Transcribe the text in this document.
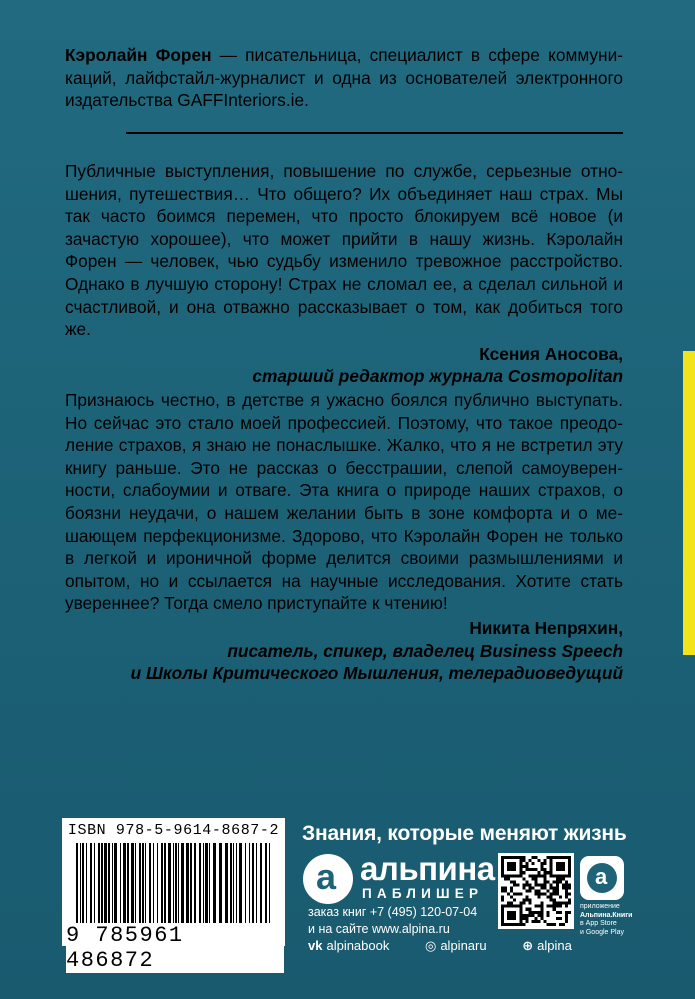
Кэролайн Форен — писательница, специалист в сфере коммуникаций, лайфстайл-журналист и одна из основателей электронного издательства GAFFInteriors.ie.
Публичные выступления, повышение по службе, серьезные отношения, путешествия… Что общего? Их объединяет наш страх. Мы так часто боимся перемен, что просто блокируем всё новое (и зачастую хорошее), что может прийти в нашу жизнь. Кэролайн Форен — человек, чью судьбу изменило тревожное расстройство. Однако в лучшую сторону! Страх не сломал ее, а сделал сильной и счастливой, и она отважно рассказывает о том, как добиться того же.
Ксения Аносова,
старший редактор журнала Cosmopolitan
Признаюсь честно, в детстве я ужасно боялся публично выступать. Но сейчас это стало моей профессией. Поэтому, что такое преодоление страхов, я знаю не понаслышке. Жалко, что я не встретил эту книгу раньше. Это не рассказ о бесстрашии, слепой самоуверенности, слабоумии и отваге. Эта книга о природе наших страхов, о боязни неудачи, о нашем желании быть в зоне комфорта и о мешающем перфекционизме. Здорово, что Кэролайн Форен не только в легкой и ироничной форме делится своими размышлениями и опытом, но и ссылается на научные исследования. Хотите стать увереннее? Тогда смело приступайте к чтению!
Никита Непряхин,
писатель, спикер, владелец Business Speech
и Школы Критического Мышления, телерадиоведущий
ISBN 978-5-9614-8687-2
9 785961 486872
Знания, которые меняют жизнь
a альпина
ПАБЛИШЕР
заказ книг +7 (495) 120-07-04
и на сайте www.alpina.ru
a
приложение
Альпина.Книги
в App Store
и Google Play
vk alpinabook	◎ alpinaru	⊕ alpina
